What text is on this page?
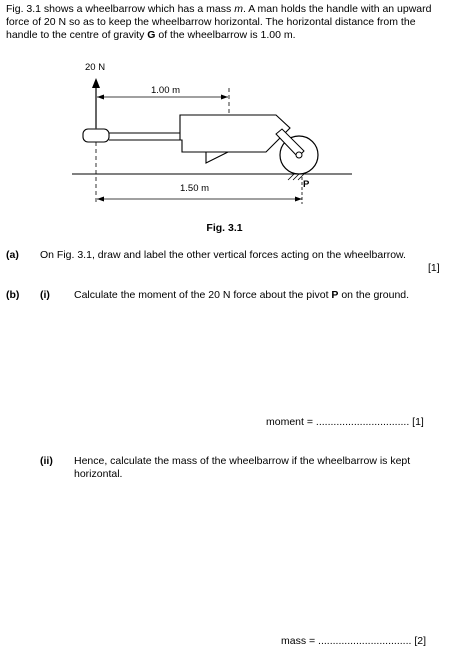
Fig. 3.1 shows a wheelbarrow which has a mass m. A man holds the handle with an upward force of 20 N so as to keep the wheelbarrow horizontal. The horizontal distance from the handle to the centre of gravity G of the wheelbarrow is 1.00 m.
20 N
1.00 m
P
1.50 m
Fig. 3.1
(a) On Fig. 3.1, draw and label the other vertical forces acting on the wheelbarrow.
[1]
(b) (i) Calculate the moment of the 20 N force about the pivot P on the ground.
moment = ................................ [1]
(ii) Hence, calculate the mass of the wheelbarrow if the wheelbarrow is kept horizontal.
mass = ................................ [2]
